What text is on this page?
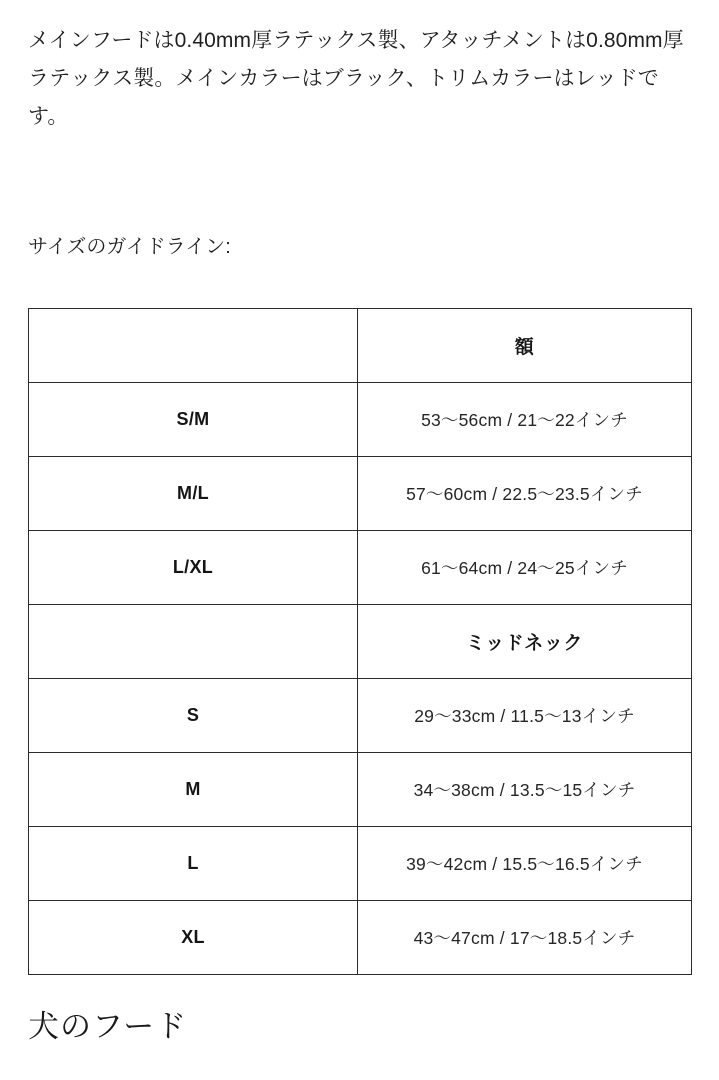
メインフードは0.40mm厚ラテックス製、アタッチメントは0.80mm厚ラテックス製。メインカラーはブラック、トリムカラーはレッドです。

サイズのガイドライン:

	額
S/M	53〜56cm / 21〜22インチ
M/L	57〜60cm / 22.5〜23.5インチ
L/XL	61〜64cm / 24〜25インチ
	ミッドネック
S	29〜33cm / 11.5〜13インチ
M	34〜38cm / 13.5〜15インチ
L	39〜42cm / 15.5〜16.5インチ
XL	43〜47cm / 17〜18.5インチ
犬のフード
